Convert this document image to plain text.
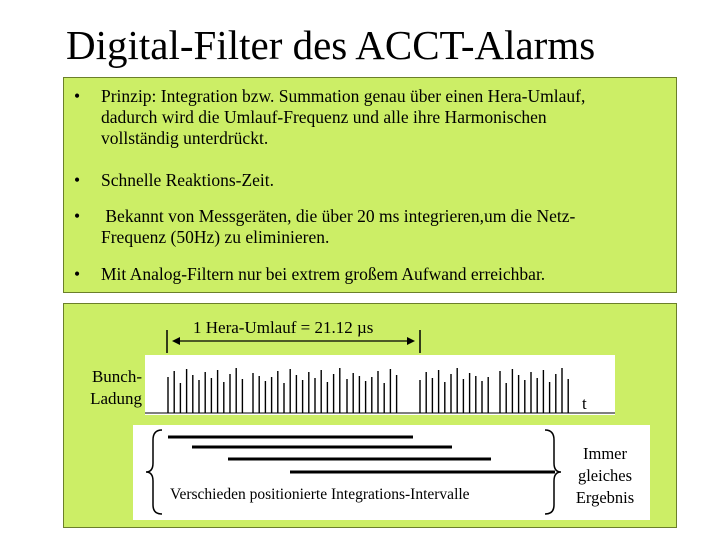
Digital-Filter des ACCT-Alarms
• Prinzip: Integration bzw. Summation genau über einen Hera-Umlauf,
dadurch wird die Umlauf-Frequenz und alle ihre Harmonischen
vollständig unterdrückt.
• Schnelle Reaktions-Zeit.
• Bekannt von Messgeräten, die über 20 ms integrieren,um die Netz-
Frequenz (50Hz) zu eliminieren.
• Mit Analog-Filtern nur bei extrem großem Aufwand erreichbar.
1 Hera-Umlauf = 21.12 µs
Bunch-
Ladung	t
Verschieden positionierte Integrations-Intervalle
Immer
gleiches
Ergebnis
